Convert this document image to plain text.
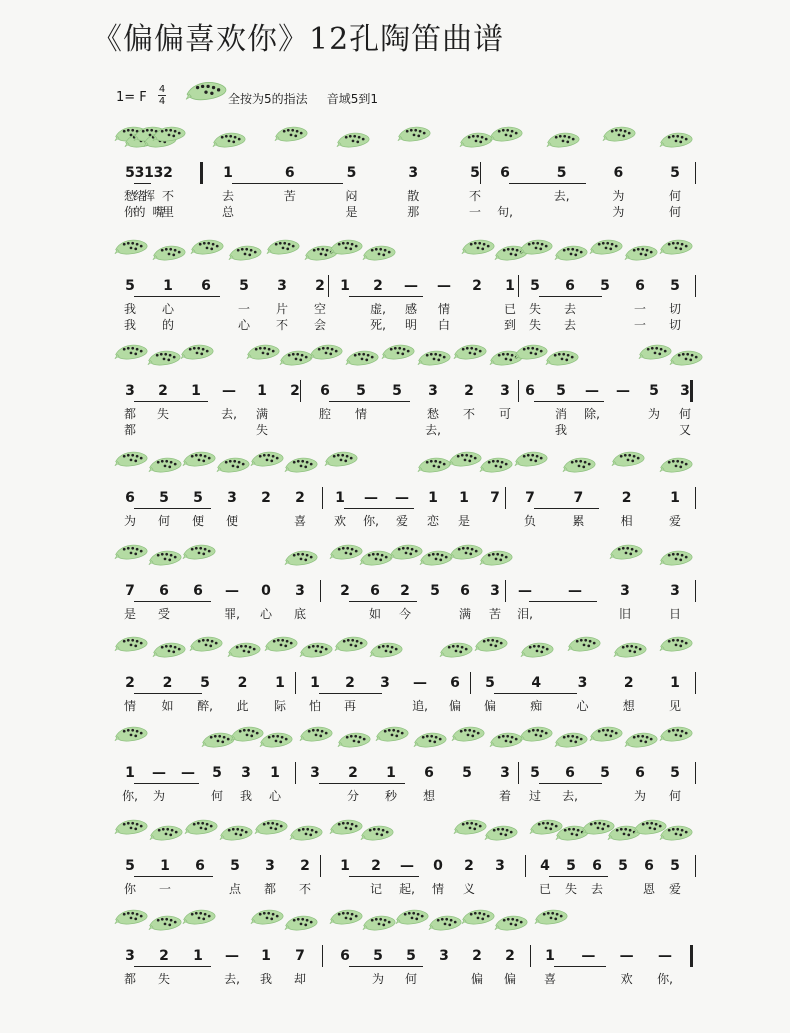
《偏偏喜欢你》12孔陶笛曲谱
1= F $\frac{4}{4}$	全按为5的指法 音域5到1
5 3 1 3 2	1	6	5	3	5 6	5	6	5
愁
绪
挥 不	去	苦	闷	散	不	去,	为	何
你
的 嘴
里	总	是	那	一 句,	为	何
5 1 6 5 3 2 1 2 — — 2 1 5 6 5 6 5
我 心	一 片 空	虚, 感 情	已 失 去	一 切
我 的	心 不 会	死, 明 白	到 失 去	一 切
3 2 1 — 1 2 6 5 5 3 2 3 6 5 — — 5 3
都 失	去, 满	腔 情	愁 不 可	消 除,	为 何
都	失	去,	我	又
6 5 5 3 2 2 1 — — 1 1 7 7	7	2	1
为 何 便 便	喜 欢 你, 爱 恋 是	负	累	相	爱
7 6 6 — 0 3	2 6 2 5 6 3 —	—	3	3
是 受	罪, 心 底	如 今	满 苦 泪,	旧	日
2 2 5 2 1 1 2 3 — 6 5	4	3	2	1
情 如 醉, 此 际 怕 再	追, 偏 偏	痴	心	想	见
1 — — 5 3 1 3 2 1 6 5 3 5 6 5 6 5
你, 为	何 我 心	分 秒 想	着 过 去,	为 何
5 1 6 5 3 2 1 2 — 0 2 3	4 5 6 5 6 5
你 一	点 都 不	记 起, 情 义	已 失 去	恩 爱
3 2 1 — 1 7	6 5 5 3 2 2 1 — — —
都 失	去, 我 却	为 何	偏 偏 喜	欢 你,
